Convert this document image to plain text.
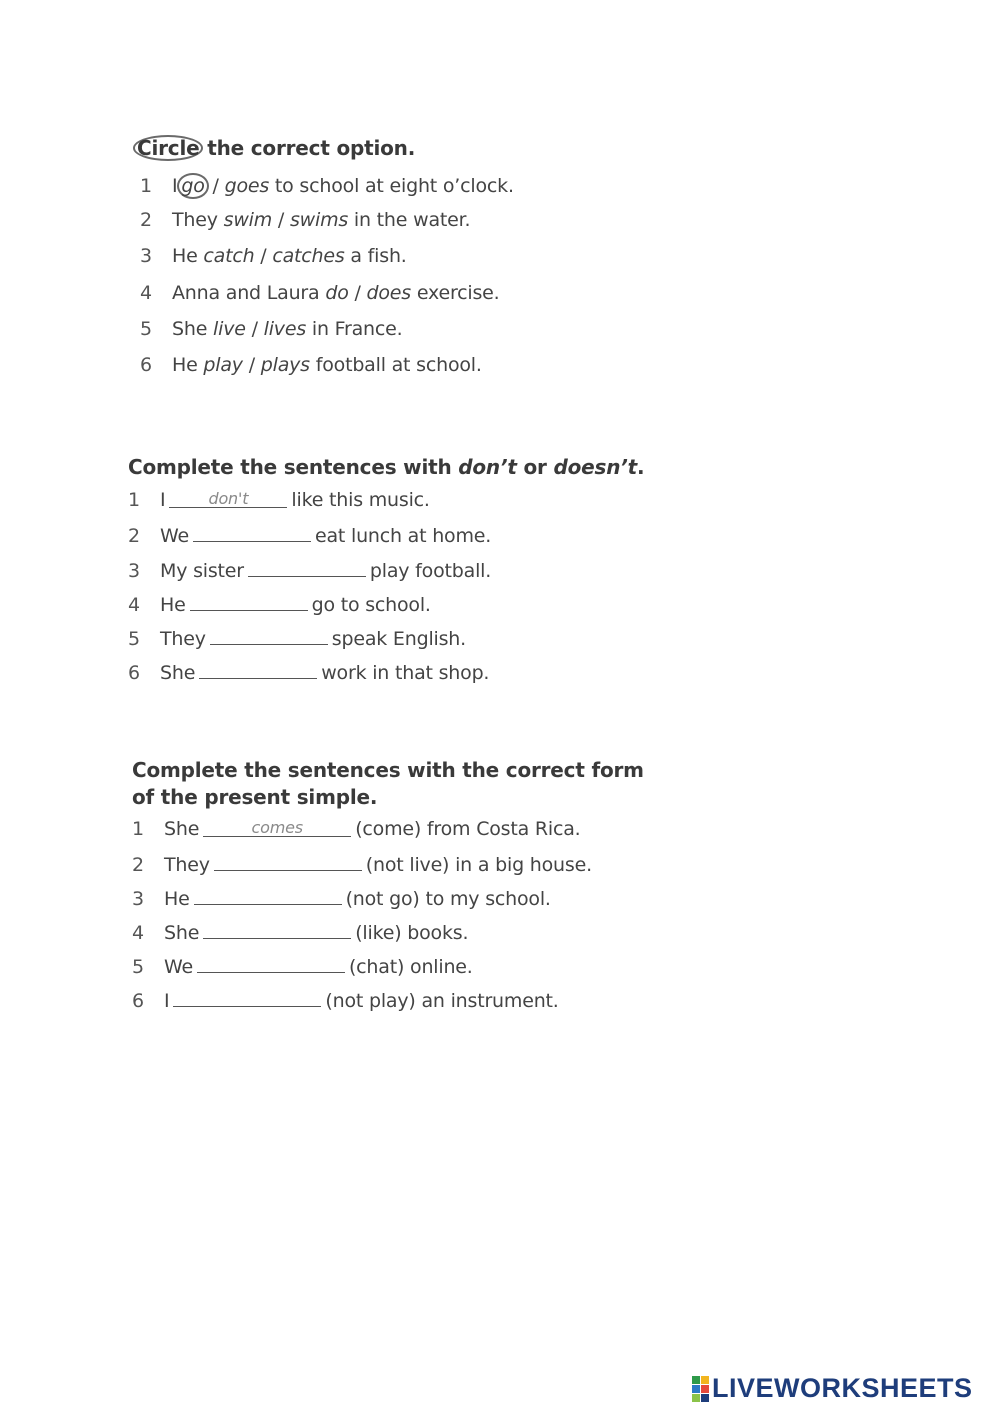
Circle the correct option.
1 I go / goes to school at eight o’clock.
2 They swim / swims in the water.
3 He catch / catches a fish.
4 Anna and Laura do / does exercise.
5 She live / lives in France.
6 He play / plays football at school.
Complete the sentences with don’t or doesn’t.
1 I	don't like this music.
2 We	eat lunch at home.
3 My sister	play football.
4 He	go to school.
5 They	speak English.
6 She	work in that shop.
Complete the sentences with the correct form
of the present simple.
1 She	comes	(come) from Costa Rica.
2 They	(not live) in a big house.
3 He	(not go) to my school.
4 She	(like) books.
5 We	(chat) online.
6 I	(not play) an instrument.
LIVEWORKSHEETS
